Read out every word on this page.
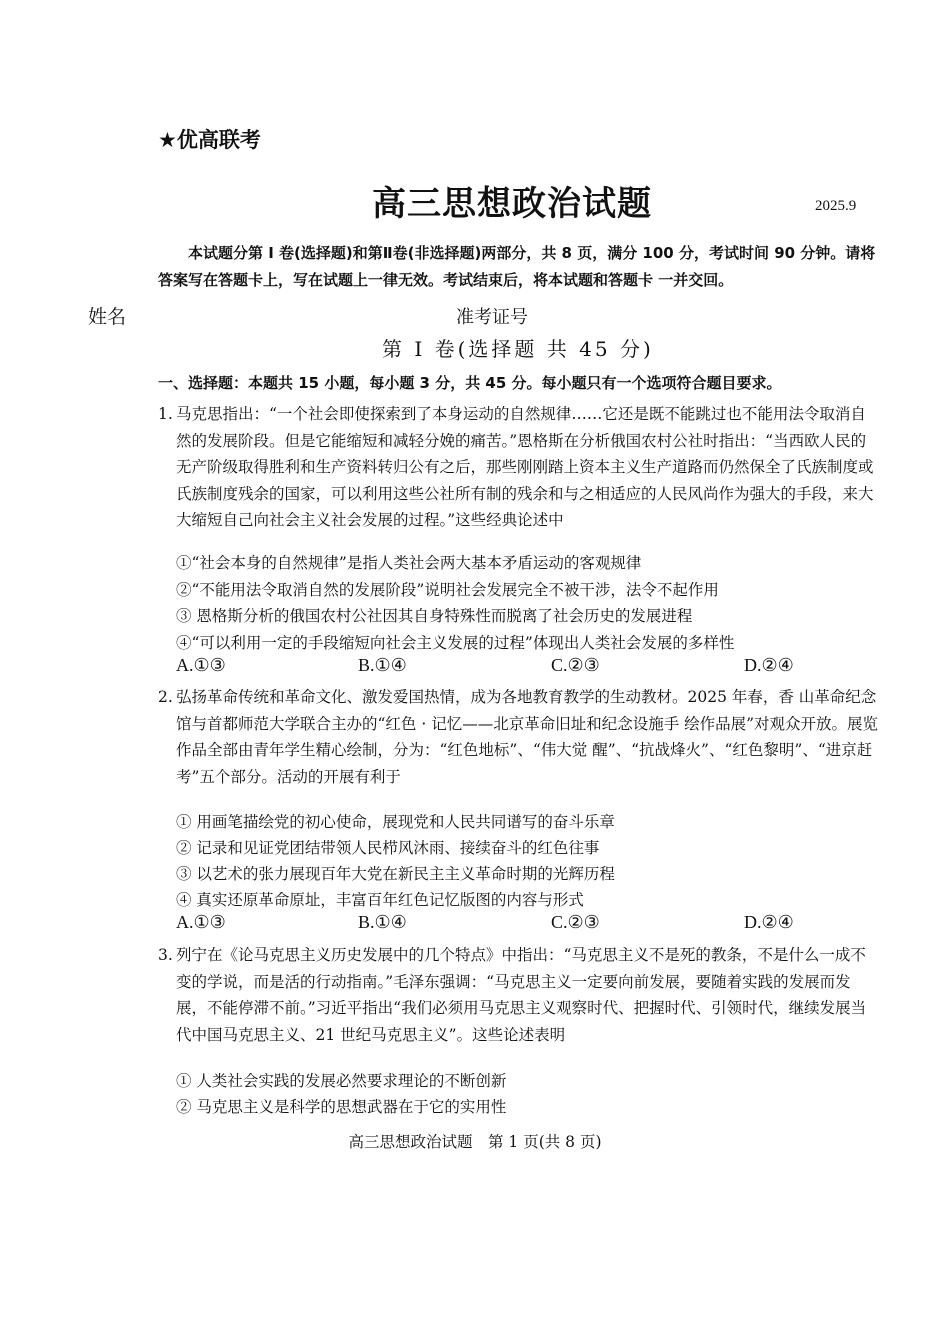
★优高联考
高三思想政治试题	2025.9
本试题分第 I 卷(选择题)和第Ⅱ卷(非选择题)两部分，共 8 页，满分 100 分，考试时间 90 分钟。请将答案写在答题卡上，写在试题上一律无效。考试结束后，将本试题和答题卡 一并交回。
姓名	准考证号
第 I 卷(选择题 共 45 分)
一、选择题：本题共 15 小题，每小题 3 分，共 45 分。每小题只有一个选项符合题目要求。
1. 马克思指出：“一个社会即使探索到了本身运动的自然规律……它还是既不能跳过也不能用法令取消自然的发展阶段。但是它能缩短和减轻分娩的痛苦。”恩格斯在分析俄国农村公社时指出：“当西欧人民的无产阶级取得胜利和生产资料转归公有之后，那些刚刚踏上资本主义生产道路而仍然保全了氏族制度或氏族制度残余的国家，可以利用这些公社所有制的残余和与之相适应的人民风尚作为强大的手段，来大大缩短自己向社会主义社会发展的过程。”这些经典论述中
①“社会本身的自然规律”是指人类社会两大基本矛盾运动的客观规律
②“不能用法令取消自然的发展阶段”说明社会发展完全不被干涉，法令不起作用
③ 恩格斯分析的俄国农村公社因其自身特殊性而脱离了社会历史的发展进程
④“可以利用一定的手段缩短向社会主义发展的过程”体现出人类社会发展的多样性
A.①③	B.①④	C.②③	D.②④
2. 弘扬革命传统和革命文化、激发爱国热情，成为各地教育教学的生动教材。2025 年春，香 山革命纪念馆与首都师范大学联合主办的“红色 · 记忆——北京革命旧址和纪念设施手 绘作品展”对观众开放。展览作品全部由青年学生精心绘制，分为：“红色地标”、“伟大觉 醒”、“抗战烽火”、“红色黎明”、“进京赶考”五个部分。活动的开展有利于
① 用画笔描绘党的初心使命，展现党和人民共同谱写的奋斗乐章
② 记录和见证党团结带领人民栉风沐雨、接续奋斗的红色往事
③ 以艺术的张力展现百年大党在新民主主义革命时期的光辉历程
④ 真实还原革命原址，丰富百年红色记忆版图的内容与形式
A.①③	B.①④	C.②③	D.②④
3. 列宁在《论马克思主义历史发展中的几个特点》中指出：“马克思主义不是死的教条，不是什么一成不变的学说，而是活的行动指南。”毛泽东强调：“马克思主义一定要向前发展，要随着实践的发展而发展，不能停滞不前。”习近平指出“我们必须用马克思主义观察时代、把握时代、引领时代，继续发展当代中国马克思主义、21 世纪马克思主义”。这些论述表明
① 人类社会实践的发展必然要求理论的不断创新
② 马克思主义是科学的思想武器在于它的实用性
高三思想政治试题　第 1 页(共 8 页)
